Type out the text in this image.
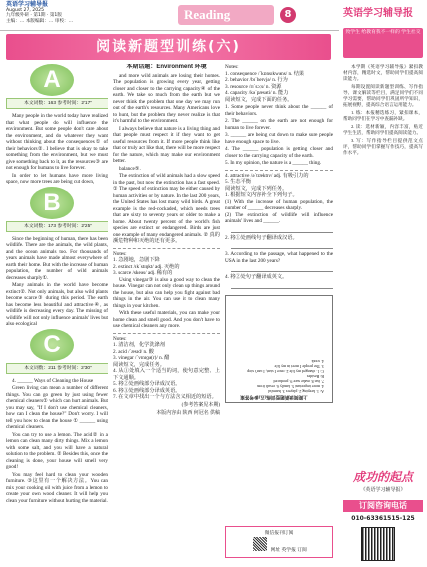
英语学习辅导报
August 27, 2025
九年级外研 · 第1期 · 第1版
主编：… 本版编辑：… 审校：…	Reading	8
阅读新题型训练(六)
A
本文词数：163 参考时间：2′17″

Many people in the world today have realized that what people do will influence the environment. But some people don't care about the environment, and do whatever they want without thinking about the consequences① of their behaviors②. I believe that is okay to take something from the environment, but we must give something back to it, as the resources③ are not enough for humans to live forever.

In order to let humans have more living space, now more trees are being cut down,

B
本文词数：173 参考时间：2′25″

Since the beginning of human, there has been wildlife. There are the animals, the wild plants, and the ocean animals too. For thousands of years animals have made almost everywhere of earth their home. But with the increase of human population, the number of wild animals decreases sharply①.

Many animals in the world have become extinct②. Not only animals, but also wild plants become scarce③ during this period. The earth has become less beautiful and attractive④, as wildlife is decreasing every day. The missing of wildlife will not only influence animals' lives but also ecological

C
本文词数：211 参考时间：2′30″

4. ______ Ways of Cleaning the House

Green living can mean a number of different things. You can go green by just using fewer chemical cleaners① which can hurt animals. But you may say, "If I don't use chemical cleaners, how can I clean the house?" Don't worry. I will tell you how to clean the house ① ______ using chemical cleaners.

You can try to use a lemon. The acid② in a lemon can clean many dirty things. Mix a lemon with some salt, and you will have a natural solution to the problem. ② Besides this, once the cleaning is done, your house will smell very good!

You may feel hard to clean your wooden furniture. ③这里有一个解决方法。You can mix your cooking oil with juice from a lemon to create your own wood cleaner. It will help you clean your furniture without hurting the material.

本期话题：Environment 环境

and more wild animals are losing their homes. The population is growing every year, getting closer and closer to the carrying capacity④ of the earth. We take so much from the earth but we never think the problem that one day we may run out of the earth's resources. Many Americans love to hunt, but the problem they never realize is that it's harmful to the environment.

I always believe that nature is a living thing and that people must respect it if they want to get useful resources from it. If more people think like that or truly act like that, there will be more respect for the nature, which may make our environment better.

balance⑤.

The extinction of wild animals had a slow speed in the past, but now the extinction has a fast speed. ① The speed of extinction may be either caused by human activities or by nature. In the last 200 years, the United States has lost many wild birds. A great example is the red-cockaded, which needs trees that are sixty to seventy years or older to make a home. About twenty percent of the world's fish species are extinct or endangered. Birds are just one example of many endangered animals. ② 真的濒危物种和灭绝的还有更多。

Notes:
1. 急剧地，急剧下降
2. extinct /ɪkˈstɪŋkt/ adj. 灭绝的
3. scarce /skeəs/ adj. 稀有的

Using vinegar③ is also a good way to clean the house. Vinegar can not only clean up things around the house, but also can help you fight against bad things in the air. You can use it to clean many things in your kitchen.

With these useful materials, you can make your home clean and smell good. And you don't have to use chemical cleaners any more.

Notes:
1. 清洁剂，化学洗涤剂
2. acid /ˈæsɪd/ n. 酸
3. vinegar /ˈvɪnɪɡə(r)/ n. 醋
阅读短文，完成任务。
4. 从①处填入一个适当的词，使句意完整、上下文通顺。
5. 将②处画线部分译成汉语。
6. 将③处画线部分译成英语。
7. 在文章中找出一个与方法含义相近的短语。
(参考答案见本期)
本版内容由 陕西 何冠名 供稿
Notes:
1. consequence /ˈkɒnsɪkwəns/ n. 结果
2. behavior /bɪˈheɪvjə/ n. 行为
3. resource /rɪˈsɔːs/ n. 资源
4. capacity /kəˈpæsəti/ n. 能力
阅读短文，完成下面的任务。
1. Some people never think about the ______ of their behaviors.
2. The ______ on the earth are not enough for human to live forever.
3. ______ are being cut down to make sure people have enough space to live.
4. The ______ population is getting closer and closer to the carrying capacity of the earth.
5. In my opinion, the nature is a ______ thing.
4. attractive /əˈtræktɪv/ adj. 有吸引力的
5. 生态平衡
阅读短文，完成下列任务。
1. 根据短文内容补全下列句子。
(1) With the increase of human population, the number of ______ decreases sharply.
(2) The extinction of wildlife will influence animals' lives and ______.
2. 将①处画线句子翻译成汉语。
3. According to the passage, what happened to the USA in the last 200 years?
4. 将②处句子翻译成英文。
上期阅读新题型训练(五)参考答案
A: 1. keeping 2. players 3. harmful
4. more important 5. family 6. result from
7. fun 8. make sure 9. produced
B: Besides
C: 1. changed my life 2. once I start, I can't stop
3. The people I meet in my life
4. weak
微信报刊订阅
网址 英学报 订阅
英语学习辅导报
致学生 给教育我不一样的 学生社交

本学期《英语学习辅导报》紧扣教材内容，精选时文，帮助同学们提高阅读能力。

每期设置阅读新题型训练、写作指导、课文解读等栏目，满足同学们不同学习需要，帮助同学们巩固所学知识，拓展视野，提高综合语言运用能力。

1. 练：本报精选练习，紧扣课本，帮助同学们在学习中查漏补缺。

2. 读：选材新颖，内容丰富，贴近学生生活，帮助同学们提高阅读能力。

3. 写：写作指导栏目提供范文点评，帮助同学们掌握写作技巧，提高写作水平。

成功的起点
《英语学习辅导报》
订阅咨询电话
010-63361515-125
